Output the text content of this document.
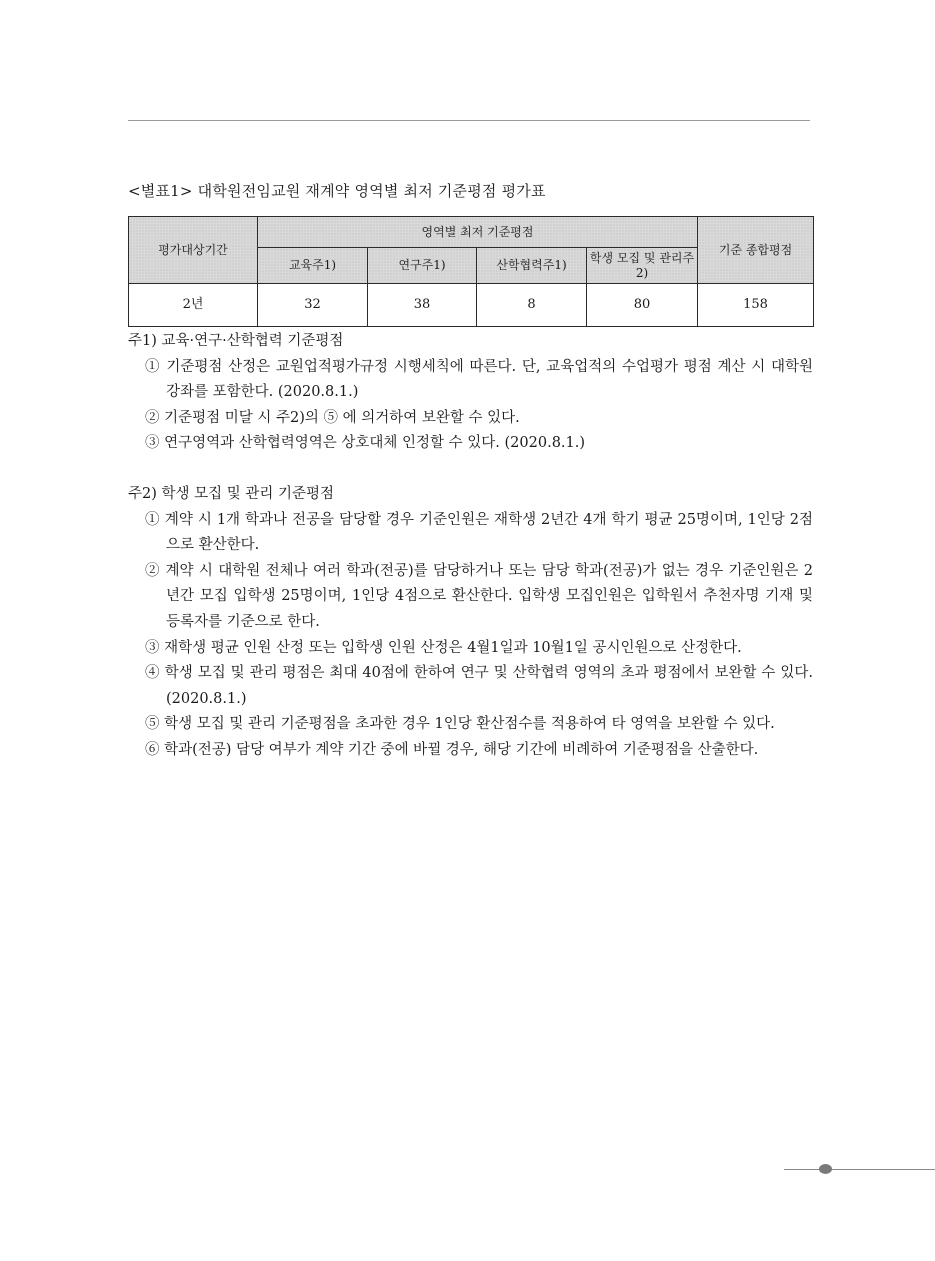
<별표1> 대학원전임교원 재계약 영역별 최저 기준평점 평가표
평가대상기간	영역별 최저 기준평점				기준 종합평점
	교육주1)	연구주1)	산학협력주1)	학생 모집 및 관리주2)	
2년	32	38	8	80	158
주1) 교육·연구·산학협력 기준평점
① 기준평점 산정은 교원업적평가규정 시행세칙에 따른다. 단, 교육업적의 수업평가 평점 계산 시 대학원 강좌를 포함한다. (2020.8.1.)
② 기준평점 미달 시 주2)의 ⑤ 에 의거하여 보완할 수 있다.
③ 연구영역과 산학협력영역은 상호대체 인정할 수 있다. (2020.8.1.)
주2) 학생 모집 및 관리 기준평점
① 계약 시 1개 학과나 전공을 담당할 경우 기준인원은 재학생 2년간 4개 학기 평균 25명이며, 1인당 2점으로 환산한다.
② 계약 시 대학원 전체나 여러 학과(전공)를 담당하거나 또는 담당 학과(전공)가 없는 경우 기준인원은 2년간 모집 입학생 25명이며, 1인당 4점으로 환산한다. 입학생 모집인원은 입학원서 추천자명 기재 및 등록자를 기준으로 한다.
③ 재학생 평균 인원 산정 또는 입학생 인원 산정은 4월1일과 10월1일 공시인원으로 산정한다.
④ 학생 모집 및 관리 평점은 최대 40점에 한하여 연구 및 산학협력 영역의 초과 평점에서 보완할 수 있다. (2020.8.1.)
⑤ 학생 모집 및 관리 기준평점을 초과한 경우 1인당 환산점수를 적용하여 타 영역을 보완할 수 있다.
⑥ 학과(전공) 담당 여부가 계약 기간 중에 바뀔 경우, 해당 기간에 비례하여 기준평점을 산출한다.
